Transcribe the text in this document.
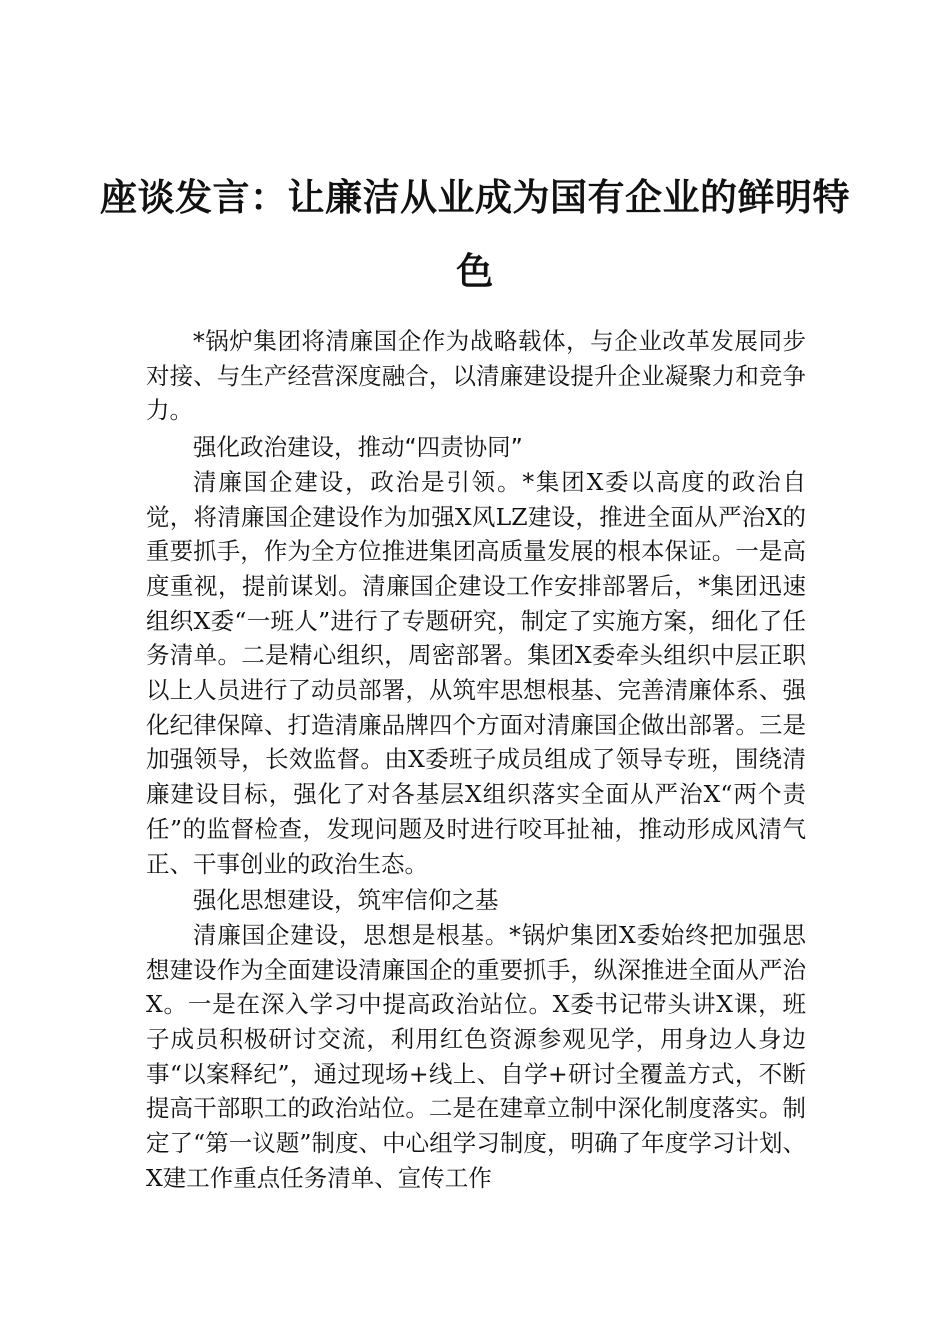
座谈发言：让廉洁从业成为国有企业的鲜明特色

*锅炉集团将清廉国企作为战略载体，与企业改革发展同步对接、与生产经营深度融合，以清廉建设提升企业凝聚力和竞争力。

强化政治建设，推动“四责协同”

清廉国企建设，政治是引领。*集团X委以高度的政治自觉，将清廉国企建设作为加强X风LZ建设，推进全面从严治X的重要抓手，作为全方位推进集团高质量发展的根本保证。一是高度重视，提前谋划。清廉国企建设工作安排部署后，*集团迅速组织X委“一班人”进行了专题研究，制定了实施方案，细化了任务清单。二是精心组织，周密部署。集团X委牵头组织中层正职以上人员进行了动员部署，从筑牢思想根基、完善清廉体系、强化纪律保障、打造清廉品牌四个方面对清廉国企做出部署。三是加强领导，长效监督。由X委班子成员组成了领导专班，围绕清廉建设目标，强化了对各基层X组织落实全面从严治X“两个责任”的监督检查，发现问题及时进行咬耳扯袖，推动形成风清气正、干事创业的政治生态。

强化思想建设，筑牢信仰之基

清廉国企建设，思想是根基。*锅炉集团X委始终把加强思想建设作为全面建设清廉国企的重要抓手，纵深推进全面从严治X。一是在深入学习中提高政治站位。X委书记带头讲X课，班子成员积极研讨交流，利用红色资源参观见学，用身边人身边事“以案释纪”，通过现场+线上、自学+研讨全覆盖方式，不断提高干部职工的政治站位。二是在建章立制中深化制度落实。制定了“第一议题”制度、中心组学习制度，明确了年度学习计划、X建工作重点任务清单、宣传工作
